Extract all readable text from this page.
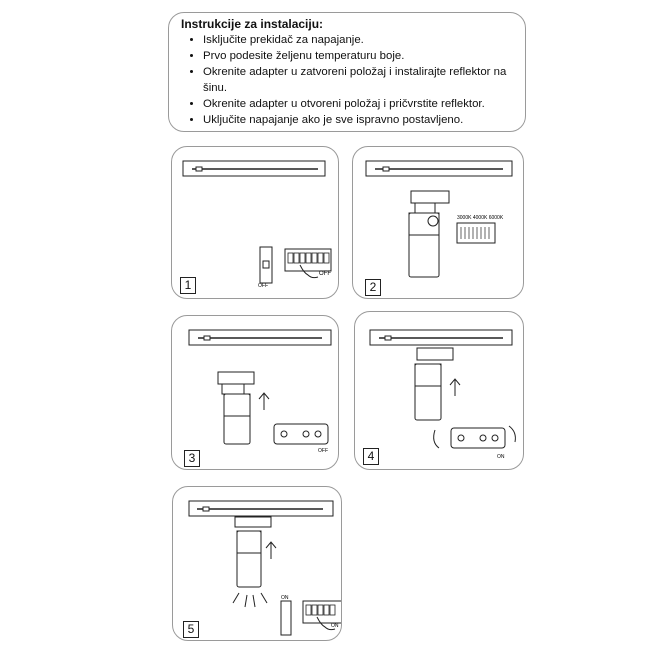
Instrukcije za instalaciju:
• Isključite prekidač za napajanje.
• Prvo podesite željenu temperaturu boje.
• Okrenite adapter u zatvoreni položaj i instalirajte reflektor na šinu.
• Okrenite adapter u otvoreni položaj i pričvrstite reflektor.
• Uključite napajanje ako je sve ispravno postavljeno.
OFF
OFF
1
3000K 4000K 6000K
2
OFF
3	ON
4
ON
ON
5
